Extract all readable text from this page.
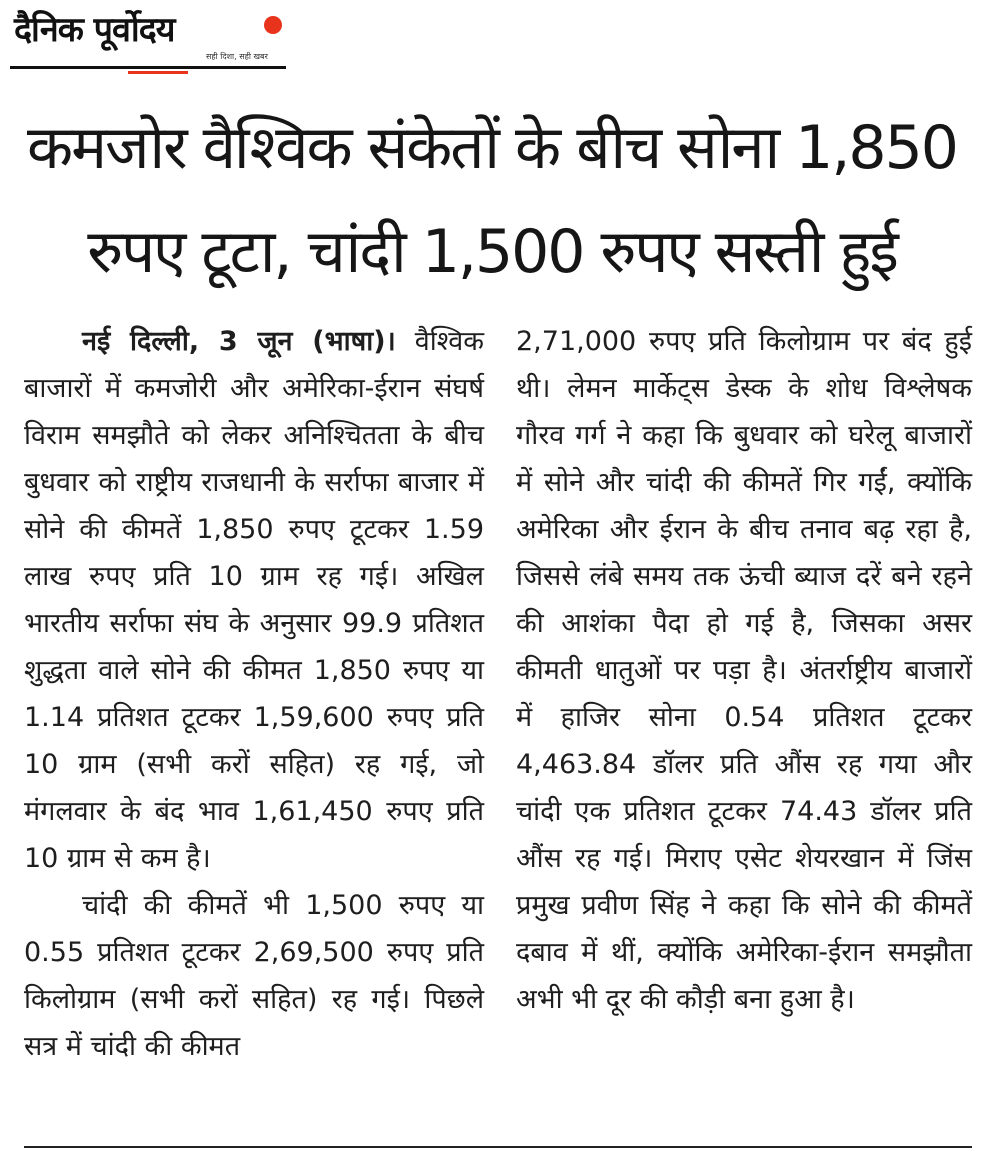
दैनिक पूर्वोदय
सही दिशा, सही खबर
कमजोर वैश्विक संकेतों के बीच सोना 1,850 रुपए टूटा, चांदी 1,500 रुपए सस्ती हुई

नई दिल्ली, 3 जून (भाषा)। वैश्विक बाजारों में कमजोरी और अमेरिका-ईरान संघर्ष विराम समझौते को लेकर अनिश्चितता के बीच बुधवार को राष्ट्रीय राजधानी के सर्राफा बाजार में सोने की कीमतें 1,850 रुपए टूटकर 1.59 लाख रुपए प्रति 10 ग्राम रह गई। अखिल भारतीय सर्राफा संघ के अनुसार 99.9 प्रतिशत शुद्धता वाले सोने की कीमत 1,850 रुपए या 1.14 प्रतिशत टूटकर 1,59,600 रुपए प्रति 10 ग्राम (सभी करों सहित) रह गई, जो मंगलवार के बंद भाव 1,61,450 रुपए प्रति 10 ग्राम से कम है।

चांदी की कीमतें भी 1,500 रुपए या 0.55 प्रतिशत टूटकर 2,69,500 रुपए प्रति किलोग्राम (सभी करों सहित) रह गई। पिछले सत्र में चांदी की कीमत

2,71,000 रुपए प्रति किलोग्राम पर बंद हुई थी। लेमन मार्केट्स डेस्क के शोध विश्लेषक गौरव गर्ग ने कहा कि बुधवार को घरेलू बाजारों में सोने और चांदी की कीमतें गिर गईं, क्योंकि अमेरिका और ईरान के बीच तनाव बढ़ रहा है, जिससे लंबे समय तक ऊंची ब्याज दरें बने रहने की आशंका पैदा हो गई है, जिसका असर कीमती धातुओं पर पड़ा है। अंतर्राष्ट्रीय बाजारों में हाजिर सोना 0.54 प्रतिशत टूटकर 4,463.84 डॉलर प्रति औंस रह गया और चांदी एक प्रतिशत टूटकर 74.43 डॉलर प्रति औंस रह गई। मिराए एसेट शेयरखान में जिंस प्रमुख प्रवीण सिंह ने कहा कि सोने की कीमतें दबाव में थीं, क्योंकि अमेरिका-ईरान समझौता अभी भी दूर की कौड़ी बना हुआ है।
